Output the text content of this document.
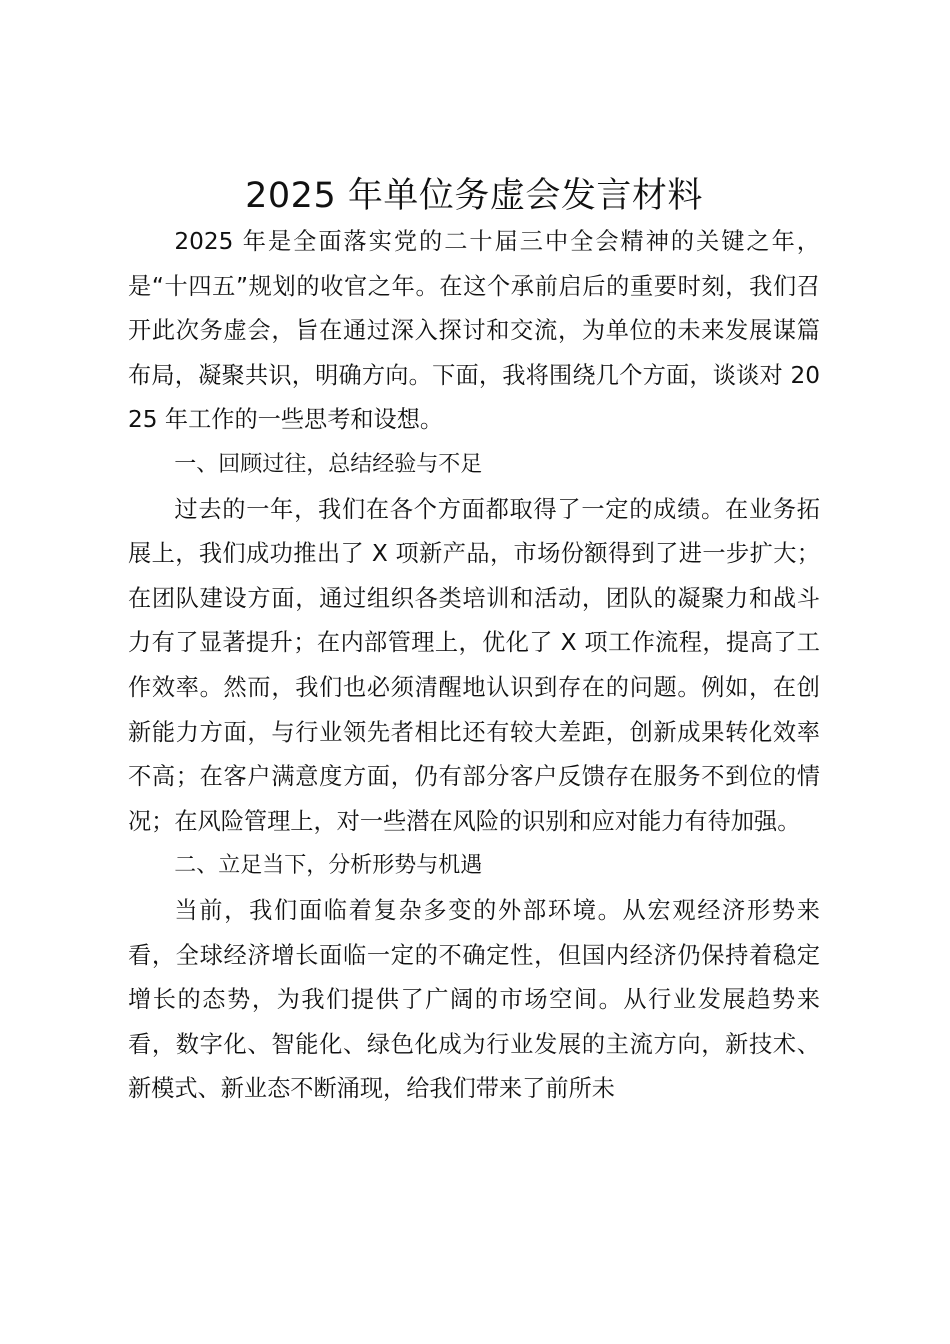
2025 年单位务虚会发言材料

2025 年是全面落实党的二十届三中全会精神的关键之年，是“十四五”规划的收官之年。在这个承前启后的重要时刻，我们召开此次务虚会，旨在通过深入探讨和交流，为单位的未来发展谋篇布局，凝聚共识，明确方向。下面，我将围绕几个方面，谈谈对 2025 年工作的一些思考和设想。

一、回顾过往，总结经验与不足

过去的一年，我们在各个方面都取得了一定的成绩。在业务拓展上，我们成功推出了 X 项新产品，市场份额得到了进一步扩大；在团队建设方面，通过组织各类培训和活动，团队的凝聚力和战斗力有了显著提升；在内部管理上，优化了 X 项工作流程，提高了工作效率。然而，我们也必须清醒地认识到存在的问题。例如，在创新能力方面，与行业领先者相比还有较大差距，创新成果转化效率不高；在客户满意度方面，仍有部分客户反馈存在服务不到位的情况；在风险管理上，对一些潜在风险的识别和应对能力有待加强。

二、立足当下，分析形势与机遇

当前，我们面临着复杂多变的外部环境。从宏观经济形势来看，全球经济增长面临一定的不确定性，但国内经济仍保持着稳定增长的态势，为我们提供了广阔的市场空间。从行业发展趋势来看，数字化、智能化、绿色化成为行业发展的主流方向，新技术、新模式、新业态不断涌现，给我们带来了前所未
